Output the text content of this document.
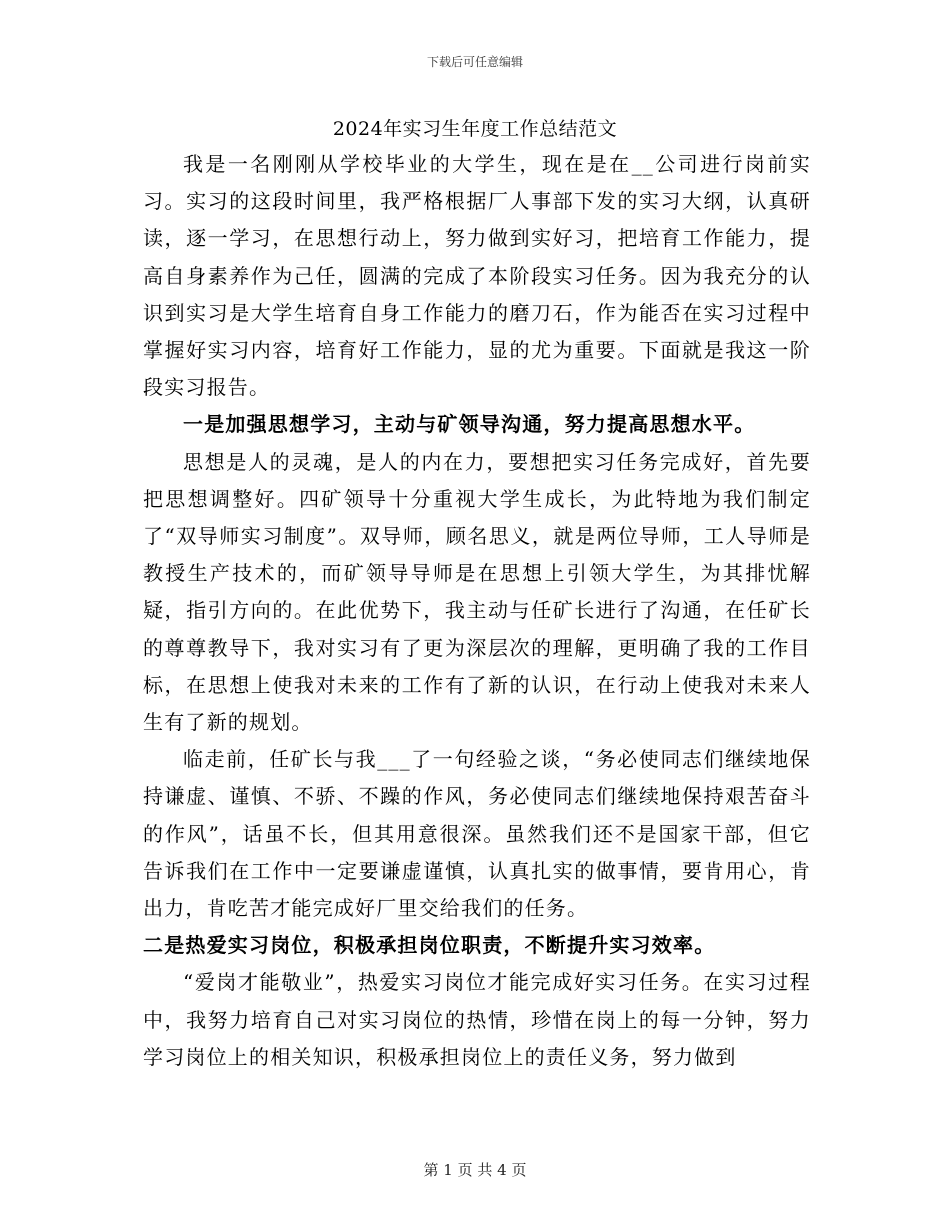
下载后可任意编辑
2024年实习生年度工作总结范文

我是一名刚刚从学校毕业的大学生，现在是在__公司进行岗前实习。实习的这段时间里，我严格根据厂人事部下发的实习大纲，认真研读，逐一学习，在思想行动上，努力做到实好习，把培育工作能力，提高自身素养作为己任，圆满的完成了本阶段实习任务。因为我充分的认识到实习是大学生培育自身工作能力的磨刀石，作为能否在实习过程中掌握好实习内容，培育好工作能力，显的尤为重要。下面就是我这一阶段实习报告。

一是加强思想学习，主动与矿领导沟通，努力提高思想水平。

思想是人的灵魂，是人的内在力，要想把实习任务完成好，首先要把思想调整好。四矿领导十分重视大学生成长，为此特地为我们制定了“双导师实习制度”。双导师，顾名思义，就是两位导师，工人导师是教授生产技术的，而矿领导导师是在思想上引领大学生，为其排忧解疑，指引方向的。在此优势下，我主动与任矿长进行了沟通，在任矿长的尊尊教导下，我对实习有了更为深层次的理解，更明确了我的工作目标，在思想上使我对未来的工作有了新的认识，在行动上使我对未来人生有了新的规划。

临走前，任矿长与我___了一句经验之谈，“务必使同志们继续地保持谦虚、谨慎、不骄、不躁的作风，务必使同志们继续地保持艰苦奋斗的作风”，话虽不长，但其用意很深。虽然我们还不是国家干部，但它告诉我们在工作中一定要谦虚谨慎，认真扎实的做事情，要肯用心，肯出力，肯吃苦才能完成好厂里交给我们的任务。

二是热爱实习岗位，积极承担岗位职责，不断提升实习效率。

“爱岗才能敬业”，热爱实习岗位才能完成好实习任务。在实习过程中，我努力培育自己对实习岗位的热情，珍惜在岗上的每一分钟，努力学习岗位上的相关知识，积极承担岗位上的责任义务，努力做到

第 1 页 共 4 页
